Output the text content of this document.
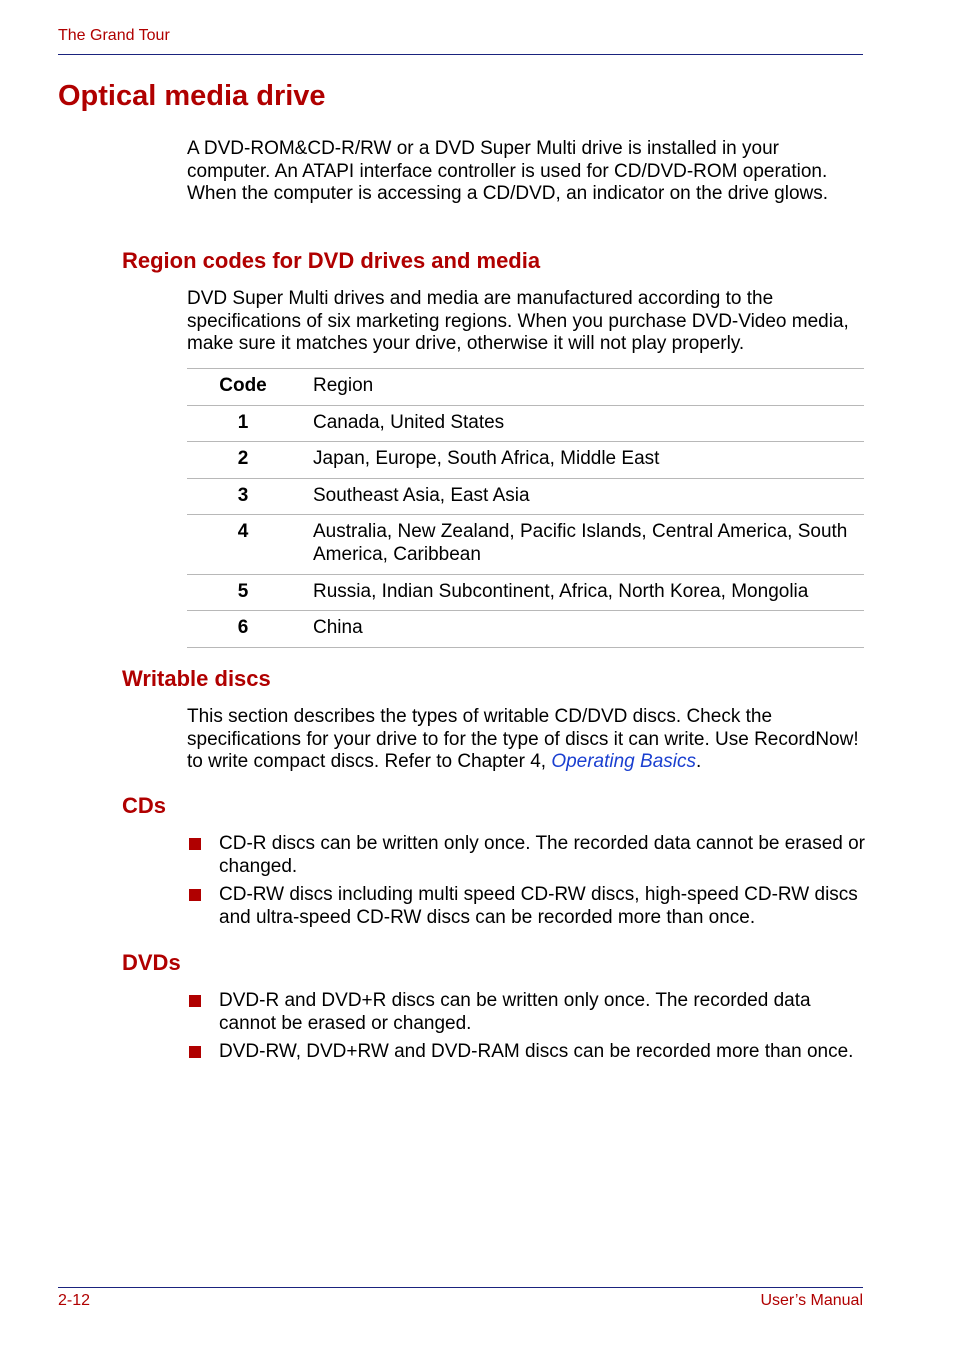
The Grand Tour
Optical media drive

A DVD-ROM&CD-R/RW or a DVD Super Multi drive is installed in your computer. An ATAPI interface controller is used for CD/DVD-ROM operation. When the computer is accessing a CD/DVD, an indicator on the drive glows.

Region codes for DVD drives and media

DVD Super Multi drives and media are manufactured according to the specifications of six marketing regions. When you purchase DVD-Video media, make sure it matches your drive, otherwise it will not play properly.

Code	Region
1	Canada, United States
2	Japan, Europe, South Africa, Middle East
3	Southeast Asia, East Asia
4	Australia, New Zealand, Pacific Islands, Central America, South America, Caribbean
5	Russia, Indian Subcontinent, Africa, North Korea, Mongolia
6	China
Writable discs

This section describes the types of writable CD/DVD discs. Check the specifications for your drive to for the type of discs it can write. Use RecordNow! to write compact discs. Refer to Chapter 4, Operating Basics.

CDs
CD-R discs can be written only once. The recorded data cannot be erased or changed.
CD-RW discs including multi speed CD-RW discs, high-speed CD-RW discs and ultra-speed CD-RW discs can be recorded more than once.
DVDs
DVD-R and DVD+R discs can be written only once. The recorded data cannot be erased or changed.
DVD-RW, DVD+RW and DVD-RAM discs can be recorded more than once.
2-12	User’s Manual
